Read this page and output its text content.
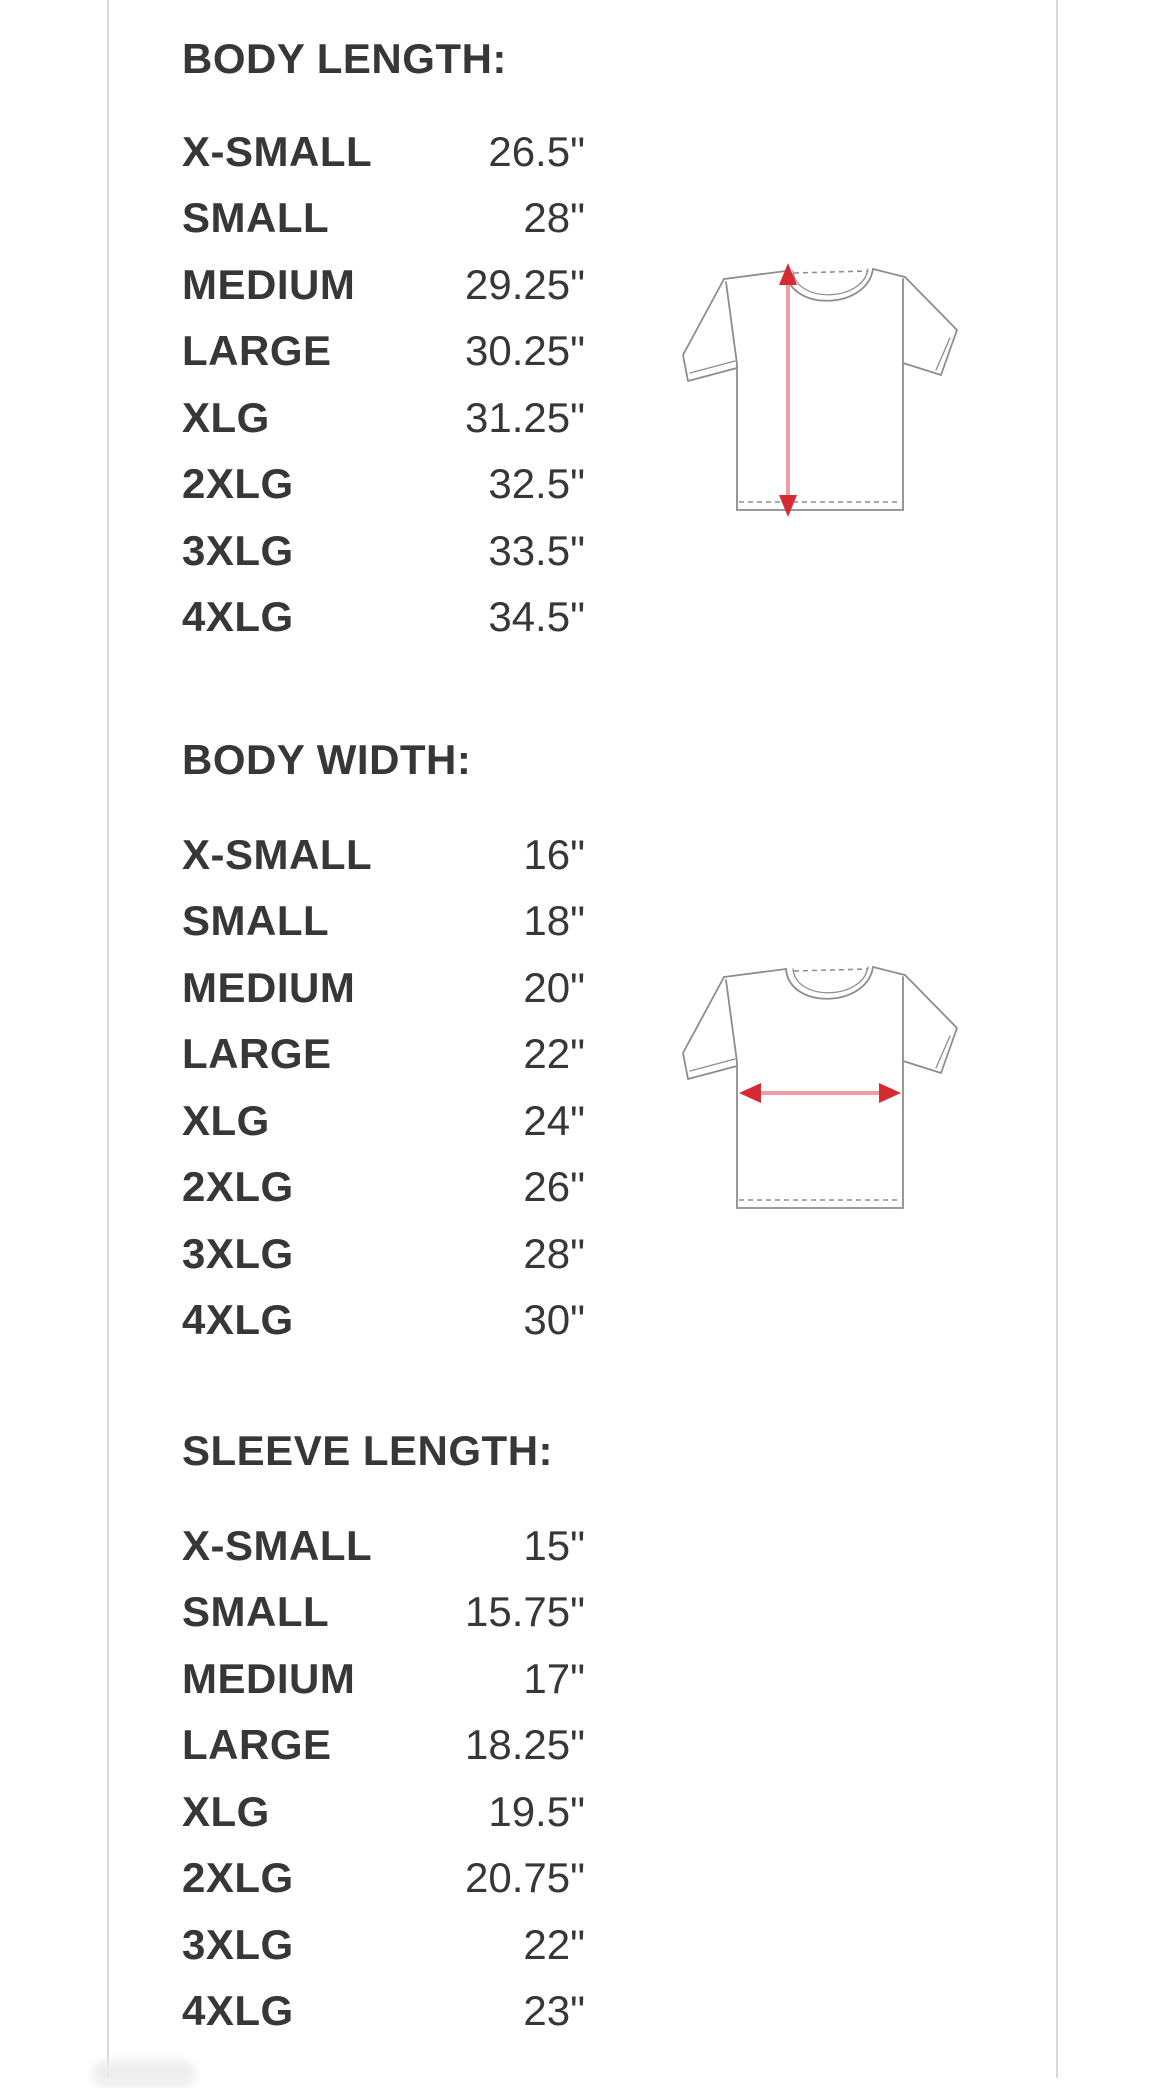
BODY LENGTH:
X-SMALL	26.5"
SMALL	28"
MEDIUM	29.25"
LARGE	30.25"
XLG	31.25"
2XLG	32.5"
3XLG	33.5"
4XLG	34.5"
BODY WIDTH:
X-SMALL	16"
SMALL	18"
MEDIUM	20"
LARGE	22"
XLG	24"
2XLG	26"
3XLG	28"
4XLG	30"
SLEEVE LENGTH:
X-SMALL	15"
SMALL	15.75"
MEDIUM	17"
LARGE	18.25"
XLG	19.5"
2XLG	20.75"
3XLG	22"
4XLG	23"
